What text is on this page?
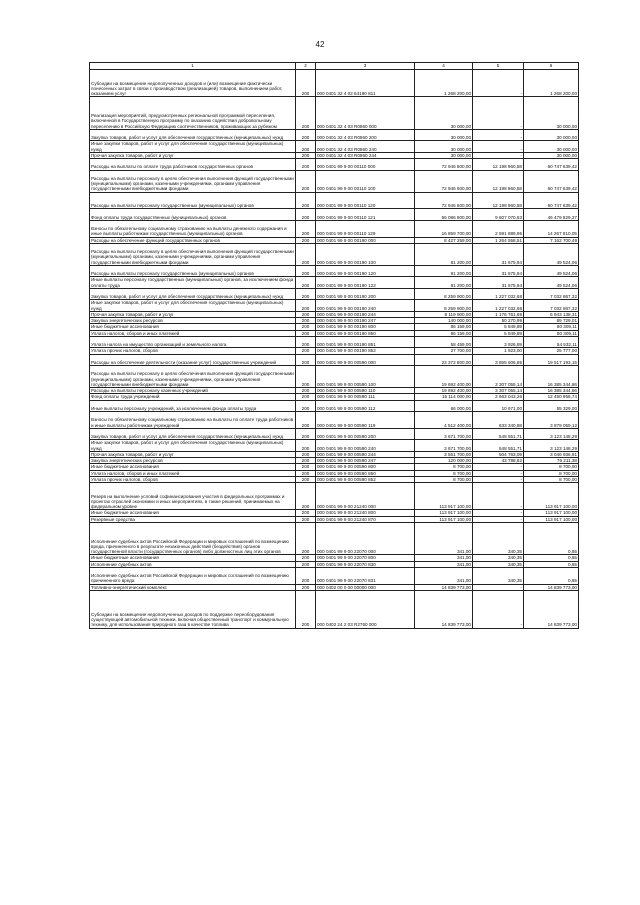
42
1	2	3	4	5	6
Субсидии на возмещение недополученных доходов и (или) возмещение фактически понесенных затрат в связи с производством (реализацией) товаров, выполнением работ, оказанием услуг	200	000 0401 32 4 02 64190 811	1 268 200,00	-	1 268 200,00
Реализация мероприятий, предусмотренных региональной программой переселения, включенной в Государственную программу по оказанию содействия добровольному переселению в Российскую Федерацию соотечественников, проживающих за рубежом	200	000 0401 32 4 03 R0860 000	30 000,00	-	30 000,00
Закупка товаров, работ и услуг для обеспечения государственных (муниципальных) нужд	200	000 0401 32 4 03 R0860 200	30 000,00	-	30 000,00
Иные закупки товаров, работ и услуг для обеспечения государственных (муниципальных) нужд	200	000 0401 32 4 03 R0860 240	30 000,00	-	30 000,00
Прочая закупка товаров, работ и услуг	200	000 0401 32 4 03 R0860 244	30 000,00	-	30 000,00
Расходы на выплаты по оплате труда работников государственных органов	200	000 0401 99 9 00 00110 000	72 946 600,00	12 198 960,58	60 747 639,42
Расходы на выплаты персоналу в целях обеспечения выполнения функций государственными (муниципальными) органами, казенными учреждениями, органами управления государственными внебюджетными фондами	200	000 0401 99 9 00 00110 100	72 946 600,00	12 198 960,58	60 747 639,42
Расходы на выплаты персоналу государственных (муниципальных) органов	200	000 0401 99 9 00 00110 120	72 946 600,00	12 198 960,58	60 747 639,42
Фонд оплаты труда государственных (муниципальных) органов	200	000 0401 99 9 00 00110 121	56 086 900,00	9 607 070,63	46 479 829,37
Взносы по обязательному социальному страхованию на выплаты денежного содержания и иные выплаты работникам государственных (муниципальных) органов	200	000 0401 99 9 00 00110 129	16 859 700,00	2 591 889,95	14 267 810,05
Расходы на обеспечение функций государственных органов	200	000 0401 99 9 00 00190 000	8 427 259,00	1 264 558,51	7 162 700,49
Расходы на выплаты персоналу в целях обеспечения выполнения функций государственными (муниципальными) органами, казенными учреждениями, органами управления государственными внебюджетными фондами	200	000 0401 99 9 00 00190 100	81 200,00	31 675,94	49 524,06
Расходы на выплаты персоналу государственных (муниципальных) органов	200	000 0401 99 9 00 00190 120	81 200,00	31 675,94	49 524,06
Иные выплаты персоналу государственных (муниципальных) органов, за исключением фонда оплаты труда	200	000 0401 99 9 00 00190 122	81 200,00	31 675,94	49 524,06
Закупка товаров, работ и услуг для обеспечения государственных (муниципальных) нужд	200	000 0401 99 9 00 00190 200	8 259 900,00	1 227 032,68	7 032 867,32
Иные закупки товаров, работ и услуг для обеспечения государственных (муниципальных) нужд	200	000 0401 99 9 00 00190 240	8 259 900,00	1 227 032,68	7 032 867,32
Прочая закупка товаров, работ и услуг	200	000 0401 99 9 00 00190 244	8 119 900,00	1 176 761,69	6 943 138,31
Закупка энергетических ресурсов	200	000 0401 99 9 00 00190 247	140 000,00	50 270,99	89 729,01
Иные бюджетные ассигнования	200	000 0401 99 9 00 00190 800	86 159,00	5 849,89	80 309,11
Уплата налогов, сборов и иных платежей	200	000 0401 99 9 00 00190 850	86 159,00	5 849,89	80 309,11
Уплата налога на имущество организаций и земельного налога	200	000 0401 99 9 00 00190 851	58 459,00	3 926,89	54 532,11
Уплата прочих налогов, сборов	200	000 0401 99 9 00 00190 852	27 700,00	1 923,00	25 777,00
Расходы на обеспечение деятельности (оказание услуг) государственных учреждений	200	000 0401 99 9 00 00590 000	23 372 800,00	3 855 606,85	19 517 193,15
Расходы на выплаты персоналу в целях обеспечения выполнения функций государственными (муниципальными) органами, казенными учреждениями, органами управления государственными внебюджетными фондами	200	000 0401 99 9 00 00590 100	19 692 400,00	3 307 055,14	16 385 344,86
Расходы на выплаты персоналу казенных учреждений	200	000 0401 99 9 00 00590 110	19 692 400,00	3 307 055,14	16 385 344,86
Фонд оплаты труда учреждений	200	000 0401 99 9 00 00590 111	15 114 000,00	2 663 043,26	12 450 956,74
Иные выплаты персоналу учреждений, за исключением фонда оплаты труда	200	000 0401 99 9 00 00590 112	66 000,00	10 671,00	55 329,00
Взносы по обязательному социальному страхованию на выплаты по оплате труда работников и иные выплаты работникам учреждений	200	000 0401 99 9 00 00590 119	4 512 400,00	633 340,88	3 879 059,12
Закупка товаров, работ и услуг для обеспечения государственных (муниципальных) нужд	200	000 0401 99 9 00 00590 200	3 671 700,00	548 551,71	3 123 148,29
Иные закупки товаров, работ и услуг для обеспечения государственных (муниципальных) нужд	200	000 0401 99 9 00 00590 240	3 671 700,00	548 551,71	3 123 148,29
Прочая закупка товаров, работ и услуг	200	000 0401 99 9 00 00590 244	3 551 700,00	504 763,09	3 046 936,91
Закупка энергетических ресурсов	200	000 0401 99 9 00 00590 247	120 000,00	43 788,62	76 211,38
Иные бюджетные ассигнования	200	000 0401 99 9 00 00590 800	8 700,00	-	8 700,00
Уплата налогов, сборов и иных платежей	200	000 0401 99 9 00 00590 850	8 700,00	-	8 700,00
Уплата прочих налогов, сборов	200	000 0401 99 9 00 00590 852	8 700,00	-	8 700,00
Резерв на выполнение условий софинансирования участия в федеральных программах и проектах отраслей экономики и иных мероприятиях, в также решений, принимаемых на федеральном уровне	200	000 0401 99 9 00 21240 000	113 917 100,00	-	113 917 100,00
Иные бюджетные ассигнования	200	000 0401 99 9 00 21240 800	113 917 100,00	-	113 917 100,00
Резервные средства	200	000 0401 99 9 00 21240 870	113 917 100,00	-	113 917 100,00
Исполнение судебных актов Российской Федерации и мировых соглашений по возмещению вреда, причиненного в результате незаконных действий (бездействия) органов государственной власти (государственных органов) либо должностных лиц этих органов	200	000 0401 99 9 00 22070 000	341,00	340,35	0,65
Иные бюджетные ассигнования	200	000 0401 99 9 00 22070 800	341,00	340,35	0,65
Исполнение судебных актов	200	000 0401 99 9 00 22070 830	341,00	340,35	0,65
Исполнение судебных актов Российской Федерации и мировых соглашений по возмещению причиненного вреда	200	000 0401 99 9 00 22070 831	341,00	340,35	0,65
Топливно-энергетический комплекс	200	000 0402 00 0 00 00000 000	14 839 773,00	-	14 839 773,00
Субсидии на возмещение недополученных доходов по поддержке переоборудования существующей автомобильной техники, включая общественный транспорт и коммунальную технику, для использования природного газа в качестве топлива	200	000 0402 24 2 03 R2760 000	14 839 773,00	-	14 839 773,00
